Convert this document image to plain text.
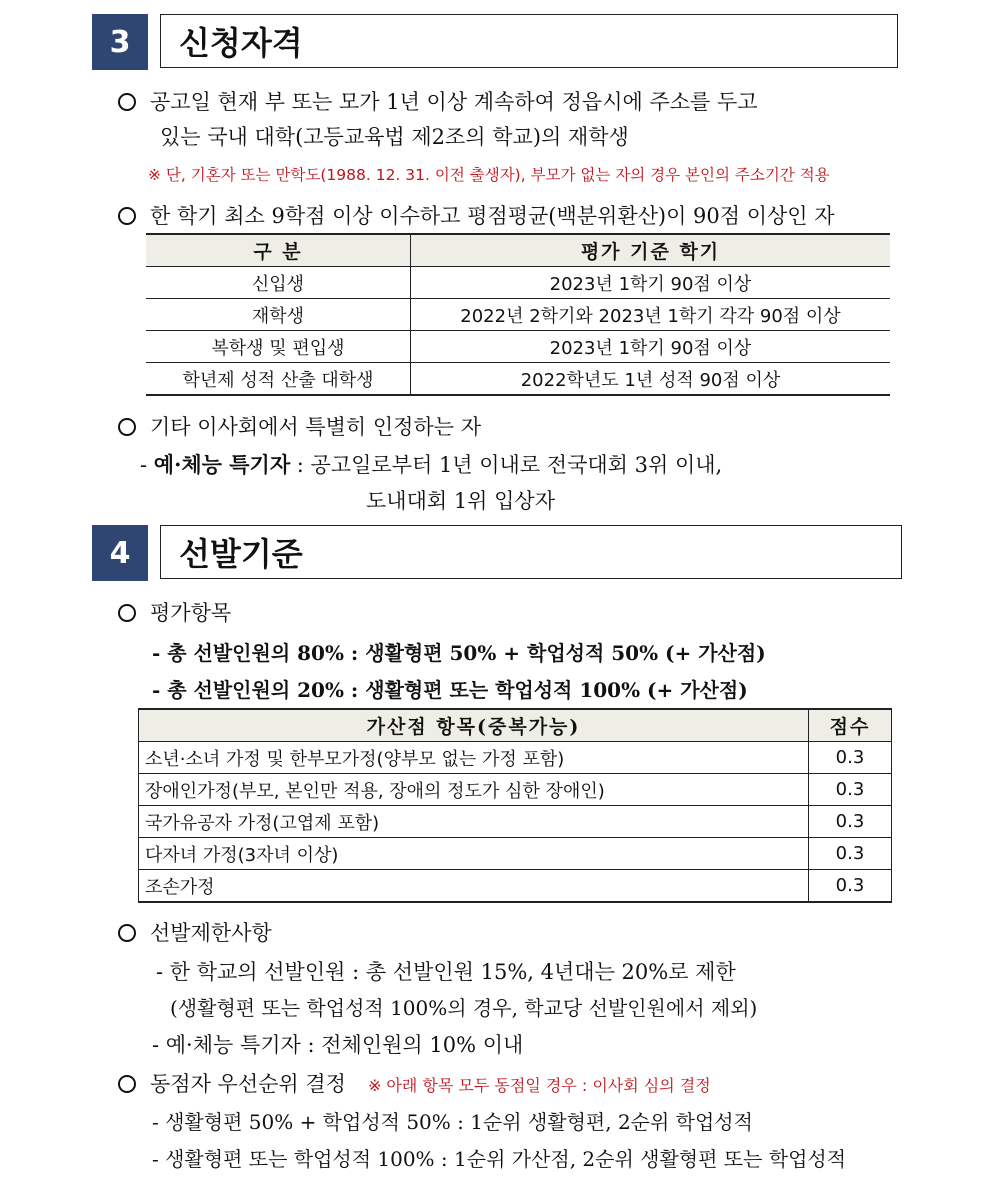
3	신청자격
공고일 현재 부 또는 모가 1년 이상 계속하여 정읍시에 주소를 두고
있는 국내 대학(고등교육법 제2조의 학교)의 재학생
※ 단, 기혼자 또는 만학도(1988. 12. 31. 이전 출생자), 부모가 없는 자의 경우 본인의 주소기간 적용
한 학기 최소 9학점 이상 이수하고 평점평균(백분위환산)이 90점 이상인 자
구 분	평가 기준 학기
신입생	2023년 1학기 90점 이상
재학생	2022년 2학기와 2023년 1학기 각각 90점 이상
복학생 및 편입생	2023년 1학기 90점 이상
학년제 성적 산출 대학생	2022학년도 1년 성적 90점 이상
기타 이사회에서 특별히 인정하는 자
- 예·체능 특기자 : 공고일로부터 1년 이내로 전국대회 3위 이내,
도내대회 1위 입상자
4	선발기준
평가항목
- 총 선발인원의 80% : 생활형편 50% + 학업성적 50% (+ 가산점)
- 총 선발인원의 20% : 생활형편 또는 학업성적 100% (+ 가산점)
가산점 항목(중복가능)	점수
소년·소녀 가정 및 한부모가정(양부모 없는 가정 포함)	0.3
장애인가정(부모, 본인만 적용, 장애의 정도가 심한 장애인)	0.3
국가유공자 가정(고엽제 포함)	0.3
다자녀 가정(3자녀 이상)	0.3
조손가정	0.3
선발제한사항
- 한 학교의 선발인원 : 총 선발인원 15%, 4년대는 20%로 제한
(생활형편 또는 학업성적 100%의 경우, 학교당 선발인원에서 제외)
- 예·체능 특기자 : 전체인원의 10% 이내
동점자 우선순위 결정 ※ 아래 항목 모두 동점일 경우 : 이사회 심의 결정
- 생활형편 50% + 학업성적 50% : 1순위 생활형편, 2순위 학업성적
- 생활형편 또는 학업성적 100% : 1순위 가산점, 2순위 생활형편 또는 학업성적
